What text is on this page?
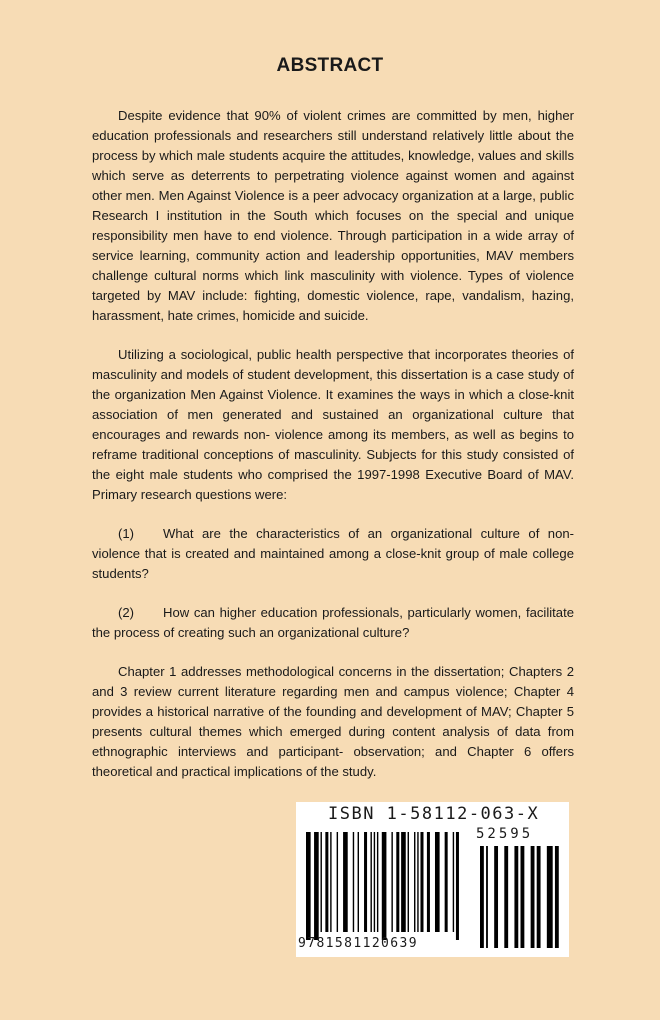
ABSTRACT

Despite evidence that 90% of violent crimes are committed by men, higher education professionals and researchers still understand relatively little about the process by which male students acquire the attitudes, knowledge, values and skills which serve as deterrents to perpetrating violence against women and against other men. Men Against Violence is a peer advocacy organization at a large, public Research I institution in the South which focuses on the special and unique responsibility men have to end violence. Through participation in a wide array of service learning, community action and leadership opportunities, MAV members challenge cultural norms which link masculinity with violence. Types of violence targeted by MAV include: fighting, domestic violence, rape, vandalism, hazing, harassment, hate crimes, homicide and suicide.

Utilizing a sociological, public health perspective that incorporates theories of masculinity and models of student development, this dissertation is a case study of the organization Men Against Violence. It examines the ways in which a close-knit association of men generated and sustained an organizational culture that encourages and rewards non- violence among its members, as well as begins to reframe traditional conceptions of masculinity. Subjects for this study consisted of the eight male students who comprised the 1997-1998 Executive Board of MAV. Primary research questions were:

(1) What are the characteristics of an organizational culture of non-violence that is created and maintained among a close-knit group of male college students?

(2) How can higher education professionals, particularly women, facilitate the process of creating such an organizational culture?

Chapter 1 addresses methodological concerns in the dissertation; Chapters 2 and 3 review current literature regarding men and campus violence; Chapter 4 provides a historical narrative of the founding and development of MAV; Chapter 5 presents cultural themes which emerged during content analysis of data from ethnographic interviews and participant- observation; and Chapter 6 offers theoretical and practical implications of the study.

ISBN 1-58112-063-X
52595
9781581120639
